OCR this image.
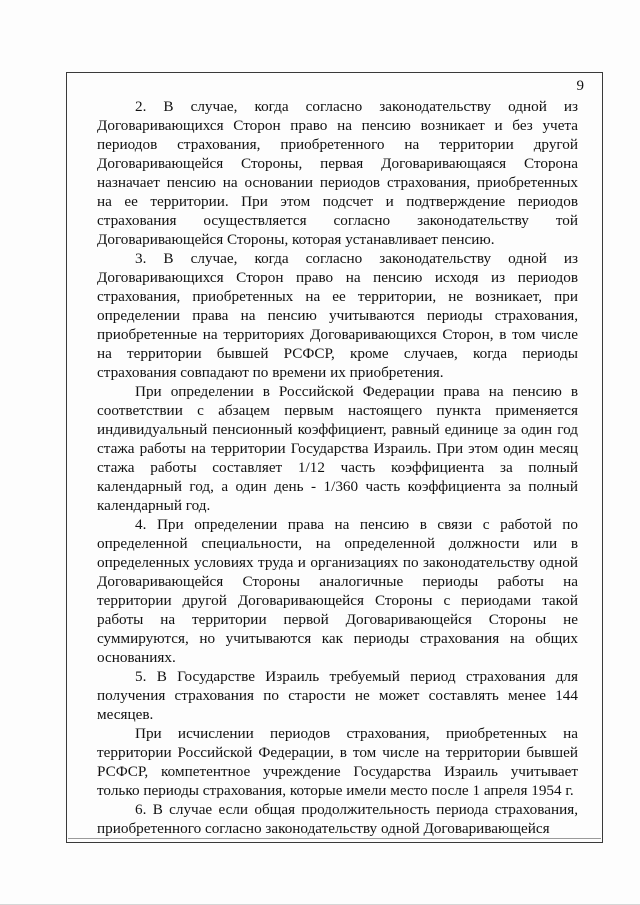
9

2. В случае, когда согласно законодательству одной из Договаривающихся Сторон право на пенсию возникает и без учета периодов страхования, приобретенного на территории другой Договаривающейся Стороны, первая Договаривающаяся Сторона назначает пенсию на основании периодов страхования, приобретенных на ее территории. При этом подсчет и подтверждение периодов страхования осуществляется согласно законодательству той Договаривающейся Стороны, которая устанавливает пенсию.

3. В случае, когда согласно законодательству одной из Договаривающихся Сторон право на пенсию исходя из периодов страхования, приобретенных на ее территории, не возникает, при определении права на пенсию учитываются периоды страхования, приобретенные на территориях Договаривающихся Сторон, в том числе на территории бывшей РСФСР, кроме случаев, когда периоды страхования совпадают по времени их приобретения.

При определении в Российской Федерации права на пенсию в соответствии с абзацем первым настоящего пункта применяется индивидуальный пенсионный коэффициент, равный единице за один год стажа работы на территории Государства Израиль. При этом один месяц стажа работы составляет 1/12 часть коэффициента за полный календарный год, а один день - 1/360 часть коэффициента за полный календарный год.

4. При определении права на пенсию в связи с работой по определенной специальности, на определенной должности или в определенных условиях труда и организациях по законодательству одной Договаривающейся Стороны аналогичные периоды работы на территории другой Договаривающейся Стороны с периодами такой работы на территории первой Договаривающейся Стороны не суммируются, но учитываются как периоды страхования на общих основаниях.

5. В Государстве Израиль требуемый период страхования для получения страхования по старости не может составлять менее 144 месяцев.

При исчислении периодов страхования, приобретенных на территории Российской Федерации, в том числе на территории бывшей РСФСР, компетентное учреждение Государства Израиль учитывает только периоды страхования, которые имели место после 1 апреля 1954 г.

6. В случае если общая продолжительность периода страхования, приобретенного согласно законодательству одной Договаривающейся
